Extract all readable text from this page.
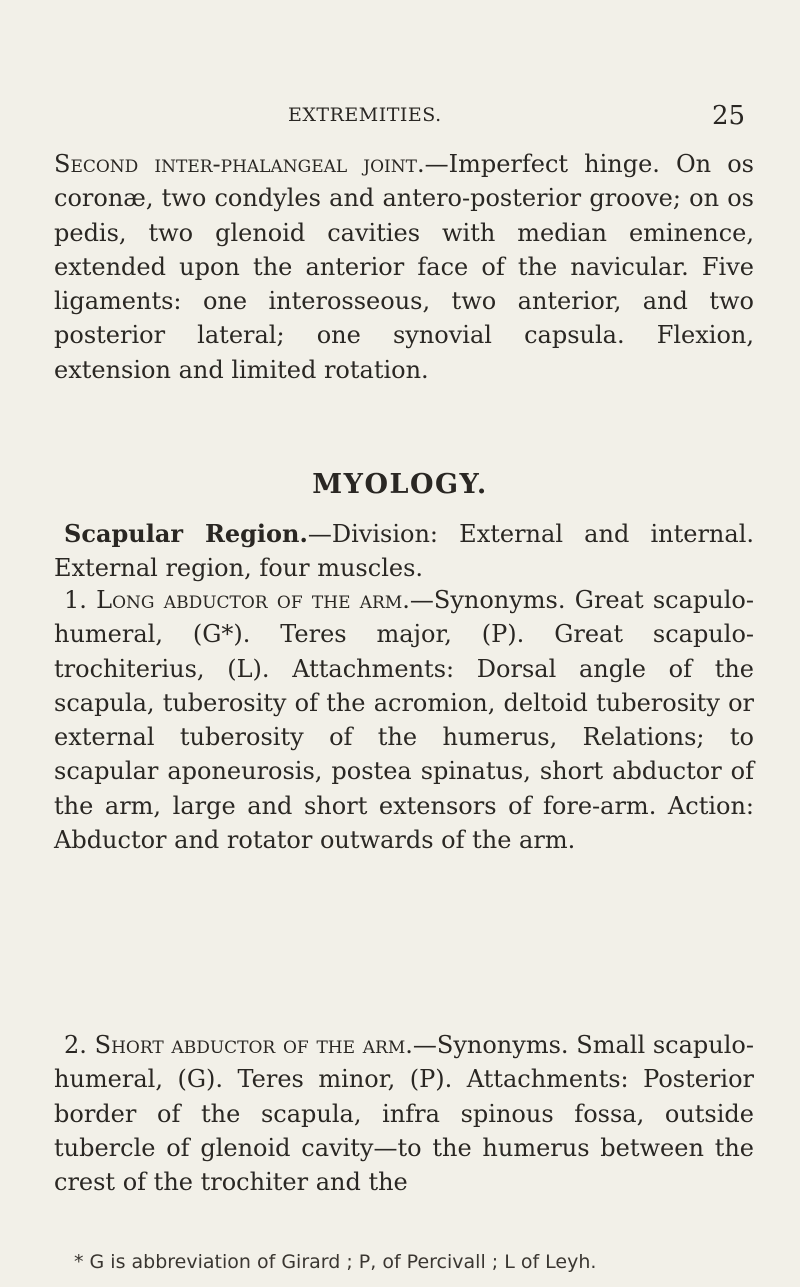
EXTREMITIES.	25

Second inter-phalangeal joint.—Imperfect hinge. On os coronæ, two condyles and antero-posterior groove; on os pedis, two glenoid cavities with median eminence, extended upon the anterior face of the navicular. Five ligaments: one interosseous, two anterior, and two posterior lateral; one synovial capsula. Flexion, extension and limited rotation.

MYOLOGY.

Scapular Region.—Division: External and internal. External region, four muscles.

1. Long abductor of the arm.—Synonyms. Great scapulo-humeral, (G*). Teres major, (P). Great scapulo-trochiterius, (L). Attachments: Dorsal angle of the scapula, tuberosity of the acromion, deltoid tuberosity or external tuberosity of the humerus, Relations; to scapular aponeurosis, postea spinatus, short abductor of the arm, large and short extensors of fore-arm. Action: Abductor and rotator outwards of the arm.

2. Short abductor of the arm.—Synonyms. Small scapulo-humeral, (G). Teres minor, (P). Attachments: Posterior border of the scapula, infra spinous fossa, outside tubercle of glenoid cavity—to the humerus between the crest of the trochiter and the

* G is abbreviation of Girard ; P, of Percivall ; L of Leyh.
